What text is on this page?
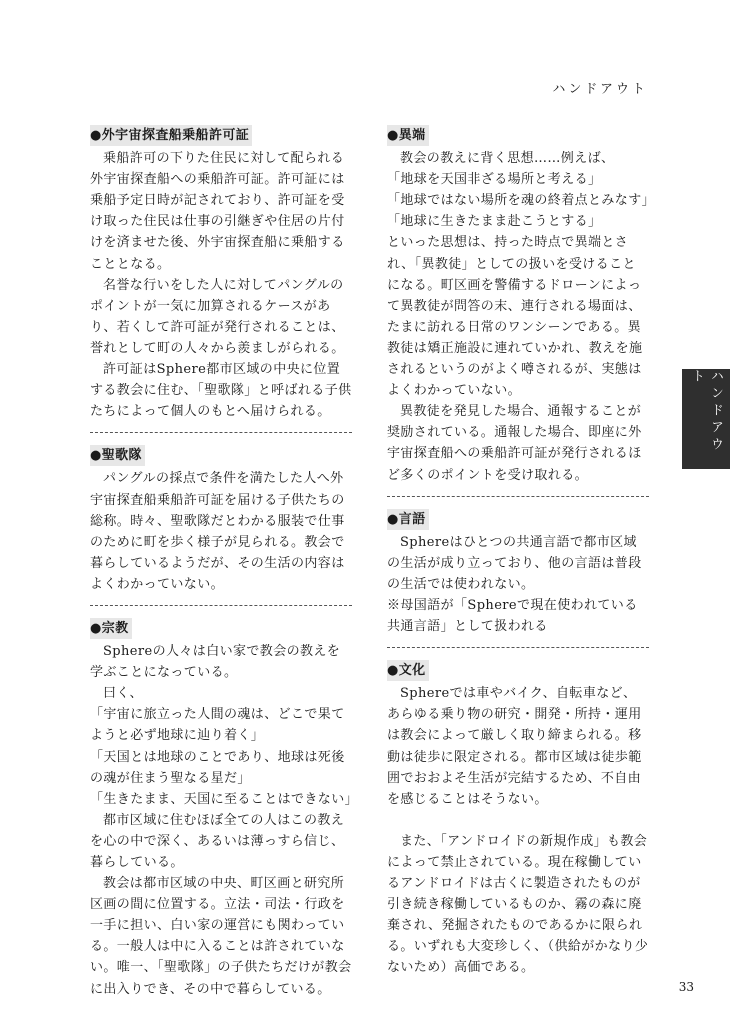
ハンドアウト
●外宇宙探査船乗船許可証

乗船許可の下りた住民に対して配られる外宇宙探査船への乗船許可証。許可証には乗船予定日時が記されており、許可証を受け取った住民は仕事の引継ぎや住居の片付けを済ませた後、外宇宙探査船に乗船することとなる。

名誉な行いをした人に対してパングルのポイントが一気に加算されるケースがあり、若くして許可証が発行されることは、誉れとして町の人々から羨ましがられる。

許可証はSphere都市区域の中央に位置する教会に住む、「聖歌隊」と呼ばれる子供たちによって個人のもとへ届けられる。

●聖歌隊

パングルの採点で条件を満たした人へ外宇宙探査船乗船許可証を届ける子供たちの総称。時々、聖歌隊だとわかる服装で仕事のために町を歩く様子が見られる。教会で暮らしているようだが、その生活の内容はよくわかっていない。

●宗教

Sphereの人々は白い家で教会の教えを学ぶことになっている。

曰く、

「宇宙に旅立った人間の魂は、どこで果てようと必ず地球に辿り着く」

「天国とは地球のことであり、地球は死後の魂が住まう聖なる星だ」

「生きたまま、天国に至ることはできない」

都市区域に住むほぼ全ての人はこの教えを心の中で深く、あるいは薄っすら信じ、暮らしている。

教会は都市区域の中央、町区画と研究所区画の間に位置する。立法・司法・行政を一手に担い、白い家の運営にも関わっている。一般人は中に入ることは許されていない。唯一、「聖歌隊」の子供たちだけが教会に出入りでき、その中で暮らしている。

●異端

教会の教えに背く思想……例えば、

「地球を天国非ざる場所と考える」

「地球ではない場所を魂の終着点とみなす」

「地球に生きたまま赴こうとする」

といった思想は、持った時点で異端とされ、「異教徒」としての扱いを受けることになる。町区画を警備するドローンによって異教徒が問答の末、連行される場面は、たまに訪れる日常のワンシーンである。異教徒は矯正施設に連れていかれ、教えを施されるというのがよく噂されるが、実態はよくわかっていない。

異教徒を発見した場合、通報することが奨励されている。通報した場合、即座に外宇宙探査船への乗船許可証が発行されるほど多くのポイントを受け取れる。

●言語

Sphereはひとつの共通言語で都市区域の生活が成り立っており、他の言語は普段の生活では使われない。

※母国語が「Sphereで現在使われている共通言語」として扱われる

●文化

Sphereでは車やバイク、自転車など、あらゆる乗り物の研究・開発・所持・運用は教会によって厳しく取り締まられる。移動は徒歩に限定される。都市区域は徒歩範囲でおおよそ生活が完結するため、不自由を感じることはそうない。

また、「アンドロイドの新規作成」も教会によって禁止されている。現在稼働しているアンドロイドは古くに製造されたものが引き続き稼働しているものか、霧の森に廃棄され、発掘されたものであるかに限られる。いずれも大変珍しく、（供給がかなり少ないため）高価である。

ハンドアウト
33
